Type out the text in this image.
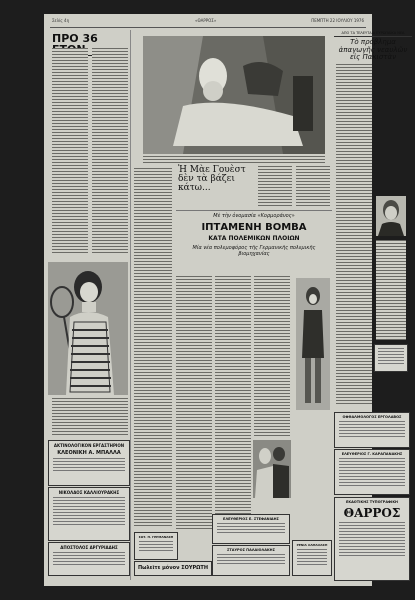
Σελίς 4η	«ΘΑΡΡΟΣ»	ΠΕΜΠΤΗ 22 ΙΟΥΛΙΟΥ 1976
ΠΡΟ 36
ΑΚΤΙΝΟΛΟΓΙΚΟΝ ΕΡΓΑΣΤΗΡΙΟΝ
ΚΛΕΟΝΙΚΗ Α. ΜΠΑΛΛΑ
ΝΙΚΟΛΑΟΣ ΚΑΛΛΙΟΥΡΑΚΗΣ
ΑΠΟΣΤΟΛΟΣ ΑΡΓΥΡΙΑΔΗΣ
Ἡ Μὰε Γουὲστ δὲν τὰ βάζει κάτω...
Μὲ τὴν ὀνομασία «Κορμοράνος»
ΙΠΤΑΜΕΝΗ ΒΟΜΒΑ
ΚΑΤΑ ΠΟΛΕΜΙΚΩΝ ΠΛΟΙΩΝ
Μία νέα πολεμοφόρος τῆς Γερμανικῆς πολεμικῆς βιομηχανίας
ΑΠΟ ΤΑ ΤΕΛΕΥΤΑΙΑ ΕΥΡΩΠΑΪΚΑ ΝΕΑ
Τὸ πρόβλημα ἀπαγωγῆς νεαυλῶν εἰς Πακιστὰν
ΟΦΘΑΛΜΟΛΟΓΟΣ ΕΡΓΟΛΑΒΟΣ
ΕΛΕΥΘΕΡΙΟΣ Γ. ΚΑΡΑΠΑΝΑΚΗΣ
ΕΚΔΟΤΙΚΗΣ ΤΥΠΟΓΡΑΦΙΚΗ
ΘΑΡΡΟΣ
ΣΩΤ. Π. ΓΕΡΜΑΝΑΚΗ
Πωλεῖτε μόνον ΣΟΥΡΩΤΗ
ΕΛΕΥΘΕΡΙΟΣ Ε. ΣΤΕΦΑΝΙΔΗΣ
ΣΤΑΥΡΟΣ ΠΑΛΑΙΟΛΑΚΗΣ
ΡΕΝΙΑ ΛΑΜΑΛΑΚΗ
